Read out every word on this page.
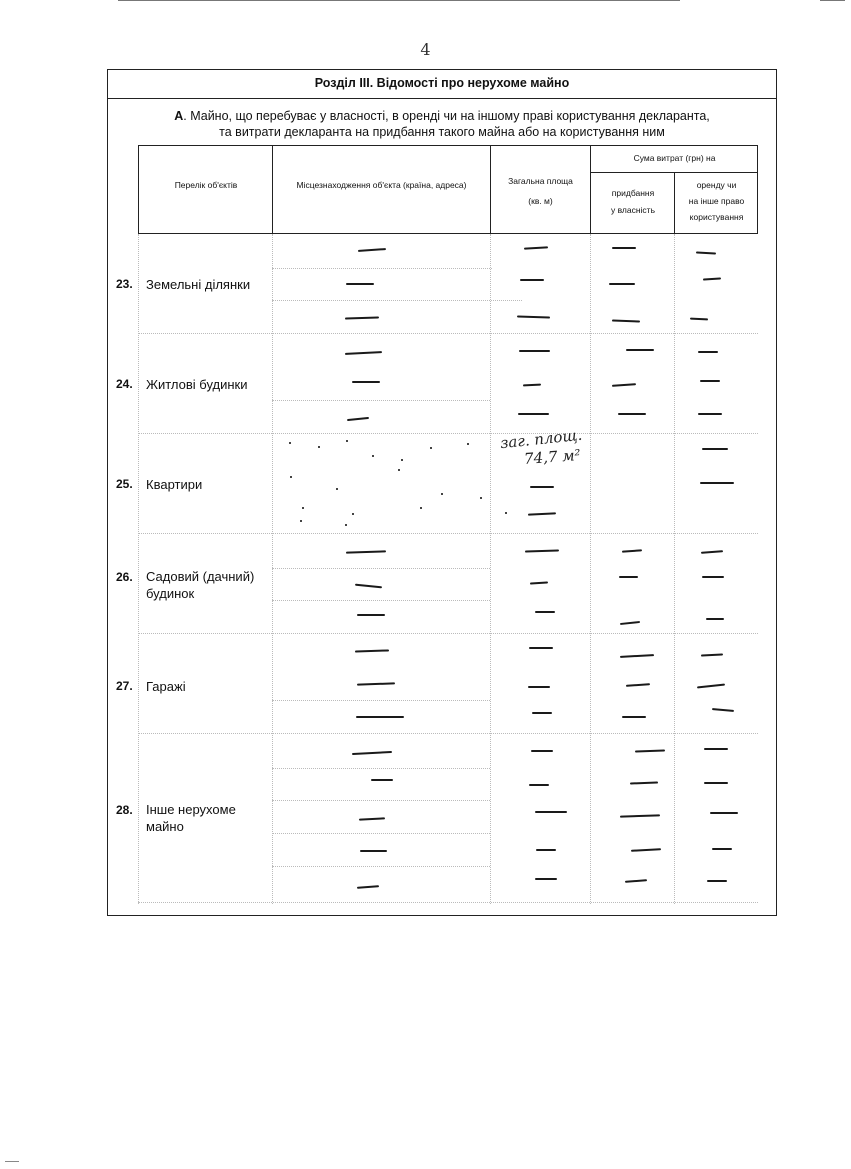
4
Розділ ІІІ. Відомості про нерухоме майно
А. Майно, що перебуває у власності, в оренді чи на іншому праві користування декларанта,
та витрати декларанта на придбання такого майна або на користування ним
Перелік об'єктів	Місцезнаходження об'єкта (країна, адреса)	Загальна площа
(кв. м)
Сума витрат (грн) на
придбання
у власність
оренду чи
на інше право
користування
23. Земельні ділянки
24. Житлові будинки
25. Квартири
26. Садовий (дачний)
будинок
27. Гаражі
28. Інше нерухоме
майно
заг. площ.
74,7 м²
